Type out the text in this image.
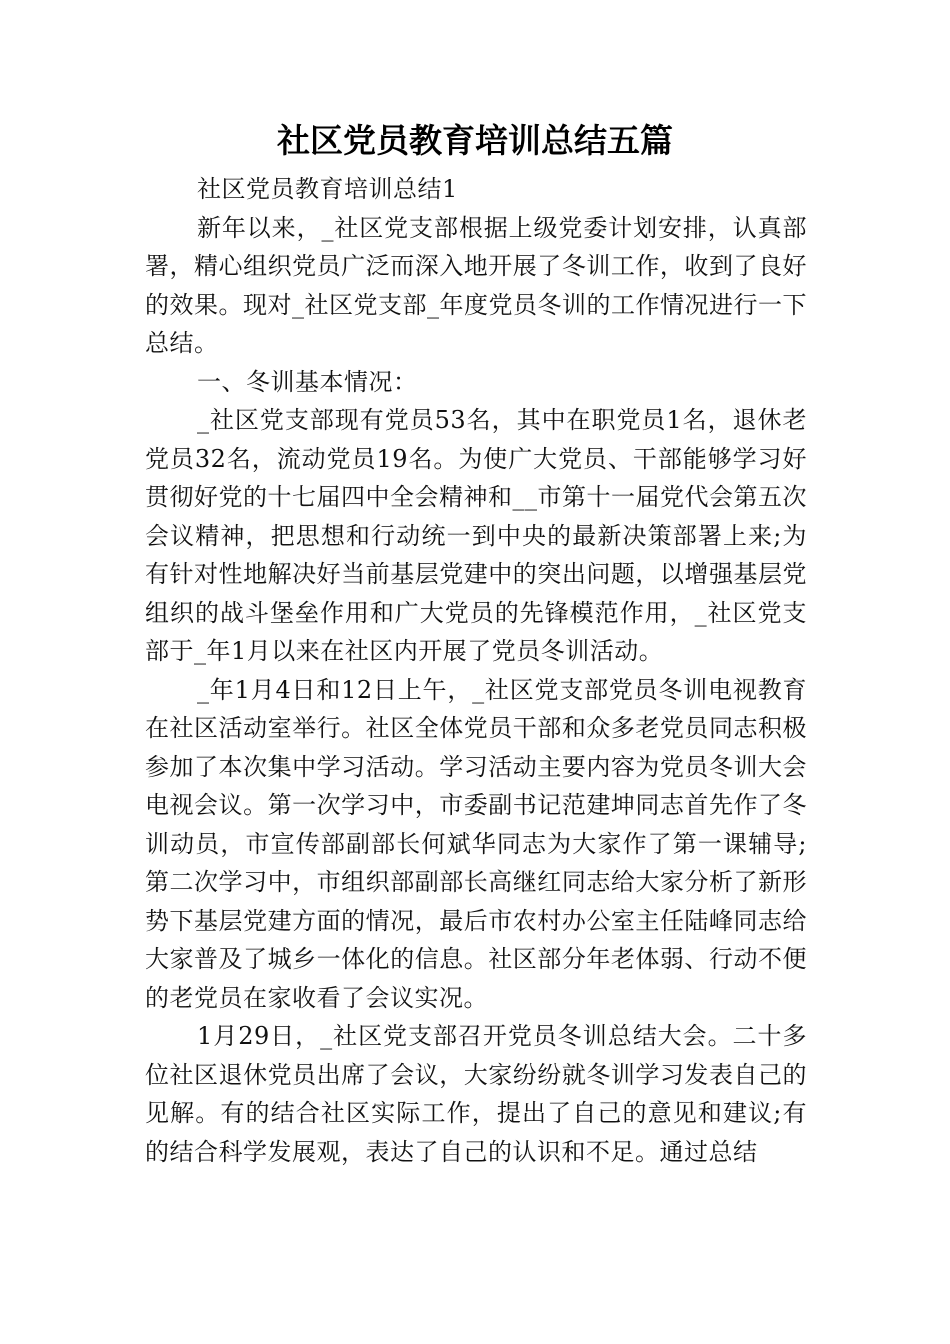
社区党员教育培训总结五篇

社区党员教育培训总结1

新年以来，_社区党支部根据上级党委计划安排，认真部署，精心组织党员广泛而深入地开展了冬训工作，收到了良好的效果。现对_社区党支部_年度党员冬训的工作情况进行一下总结。

一、冬训基本情况：

_社区党支部现有党员53名，其中在职党员1名，退休老党员32名，流动党员19名。为使广大党员、干部能够学习好贯彻好党的十七届四中全会精神和__市第十一届党代会第五次会议精神，把思想和行动统一到中央的最新决策部署上来;为有针对性地解决好当前基层党建中的突出问题，以增强基层党组织的战斗堡垒作用和广大党员的先锋模范作用，_社区党支部于_年1月以来在社区内开展了党员冬训活动。

_年1月4日和12日上午，_社区党支部党员冬训电视教育在社区活动室举行。社区全体党员干部和众多老党员同志积极参加了本次集中学习活动。学习活动主要内容为党员冬训大会电视会议。第一次学习中，市委副书记范建坤同志首先作了冬训动员，市宣传部副部长何斌华同志为大家作了第一课辅导;第二次学习中，市组织部副部长高继红同志给大家分析了新形势下基层党建方面的情况，最后市农村办公室主任陆峰同志给大家普及了城乡一体化的信息。社区部分年老体弱、行动不便的老党员在家收看了会议实况。

1月29日，_社区党支部召开党员冬训总结大会。二十多位社区退休党员出席了会议，大家纷纷就冬训学习发表自己的见解。有的结合社区实际工作，提出了自己的意见和建议;有的结合科学发展观，表达了自己的认识和不足。通过总结
